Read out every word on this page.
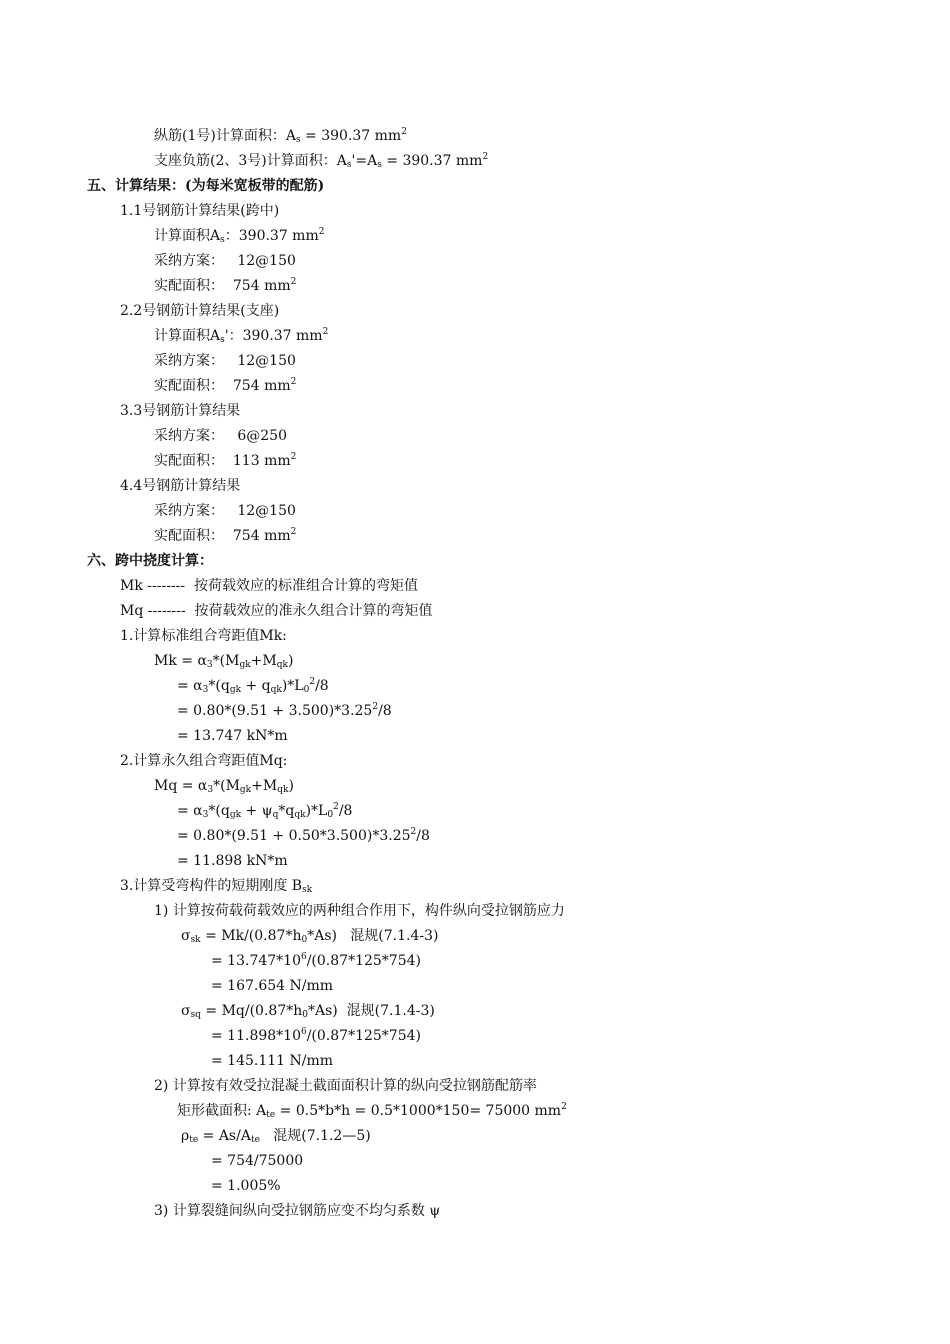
纵筋(1号)计算面积：$A_s = 390.37$ $mm^2$
支座负筋(2、3号)计算面积：$A_s'=A_s = 390.37$ $mm^2$
五、计算结果：(为每米宽板带的配筋)
1.1号钢筋计算结果(跨中)
计算面积$A_s$：390.37 $mm^2$
采纳方案：   12@150
实配面积：  754 $mm^2$
2.2号钢筋计算结果(支座)
计算面积$A_s'$：390.37 $mm^2$
采纳方案：   12@150
实配面积：  754 $mm^2$
3.3号钢筋计算结果
采纳方案：   6@250
实配面积：  113 $mm^2$
4.4号钢筋计算结果
采纳方案：   12@150
实配面积：  754 $mm^2$
六、跨中挠度计算：
Mk --------  按荷载效应的标准组合计算的弯矩值
Mq --------  按荷载效应的准永久组合计算的弯矩值
1.计算标准组合弯距值Mk:
$Mk = \alpha_3*(M_{gk}+M_{qk})$
= $\alpha_3*(q_{gk} + q_{qk})*L_0^2/8$
= $0.80*(9.51 + 3.500)*3.25^2/8$
= 13.747 kN*m
2.计算永久组合弯距值Mq:
$Mq = \alpha_3*(M_{gk}+M_{qk})$
= $\alpha_3*(q_{gk} + \psi_q*q_{qk})*L_0^2/8$
= $0.80*(9.51 + 0.50*3.500)*3.25^2/8$
= 11.898 kN*m
3.计算受弯构件的短期刚度 $B_{sk}$
1) 计算按荷载荷载效应的两种组合作用下，构件纵向受拉钢筋应力
$\sigma_{sk} = Mk/(0.87*h_0*As)$   混规(7.1.4-3)
= $13.747*10^6/(0.87*125*754)$
= 167.654 N/mm
$\sigma_{sq} = Mq/(0.87*h_0*As)$  混规(7.1.4-3)
= $11.898*10^6/(0.87*125*754)$
= 145.111 N/mm
2) 计算按有效受拉混凝土截面面积计算的纵向受拉钢筋配筋率
矩形截面积: $A_{te} = 0.5*b*h = 0.5*1000*150= 75000$ $mm^2$
$\rho_{te} = As/A_{te}$   混规(7.1.2—5)
= 754/75000
= 1.005%
3) 计算裂缝间纵向受拉钢筋应变不均匀系数 ψ
